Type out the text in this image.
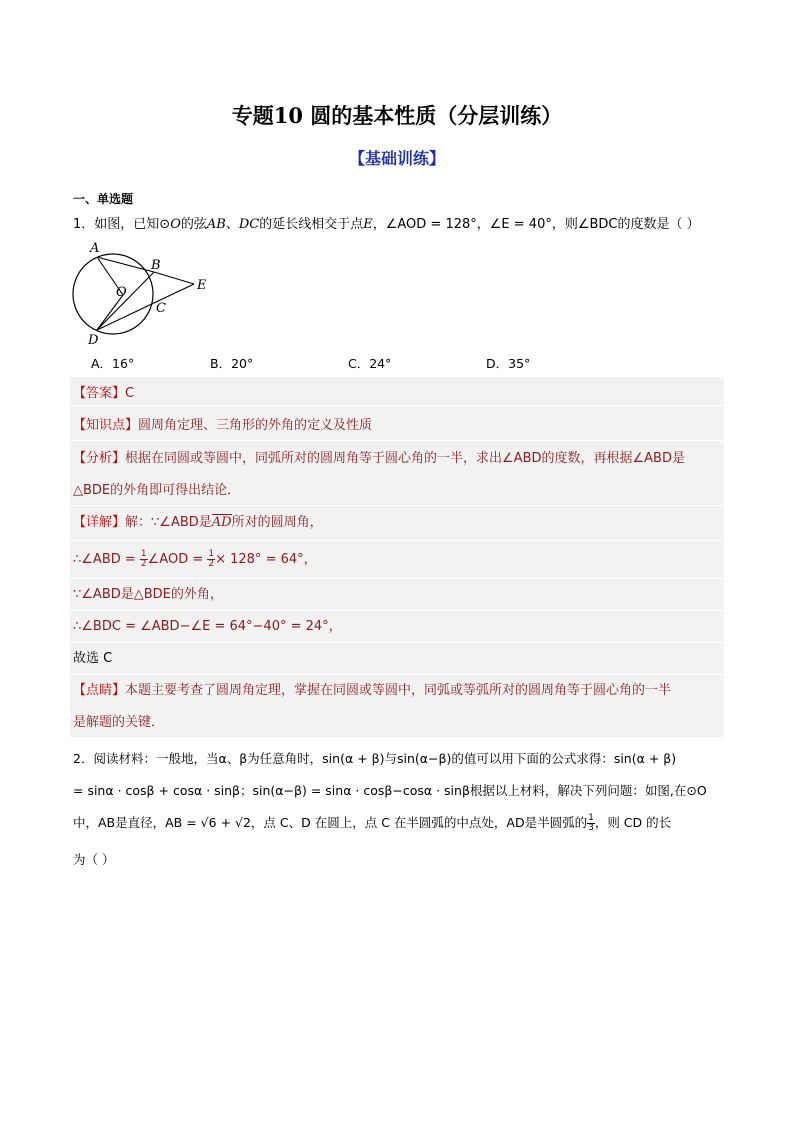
专题10 圆的基本性质（分层训练）
【基础训练】
一、单选题
1．如图，已知⊙O的弦AB、DC的延长线相交于点E，∠AOD = 128°，∠E = 40°，则∠BDC的度数是（ ）
A
B
O
C
D
E
A．16°	B．20°	C．24°	D．35°
【答案】C
【知识点】圆周角定理、三角形的外角的定义及性质
【分析】根据在同圆或等圆中，同弧所对的圆周角等于圆心角的一半，求出∠ABD的度数，再根据∠ABD是
△BDE的外角即可得出结论．
【详解】解：∵∠ABD是AD所对的圆周角，
∴∠ABD = $\frac{1}{2}$ ∠AOD = $\frac{1}{2} \times 128^\circ = 64^\circ$，
∵∠ABD是△BDE的外角，
∴∠BDC = ∠ABD−∠E = 64°−40° = 24°，
故选 C
【点睛】本题主要考查了圆周角定理，掌握在同圆或等圆中，同弧或等弧所对的圆周角等于圆心角的一半
是解题的关键．
2．阅读材料：一般地，当α、β为任意角时，sin(α + β)与sin(α−β)的值可以用下面的公式求得：sin(α + β)
= sinα · cosβ + cosα · sinβ；sin(α−β) = sinα · cosβ−cosα · sinβ根据以上材料，解决下列问题：如图,在⊙O
中，AB是直径，AB = √6 + √2，点 C、D 在圆上，点 C 在半圆弧的中点处，AD是半圆弧的 $\frac{1}{3}$ ，则 CD 的长
为（ ）
